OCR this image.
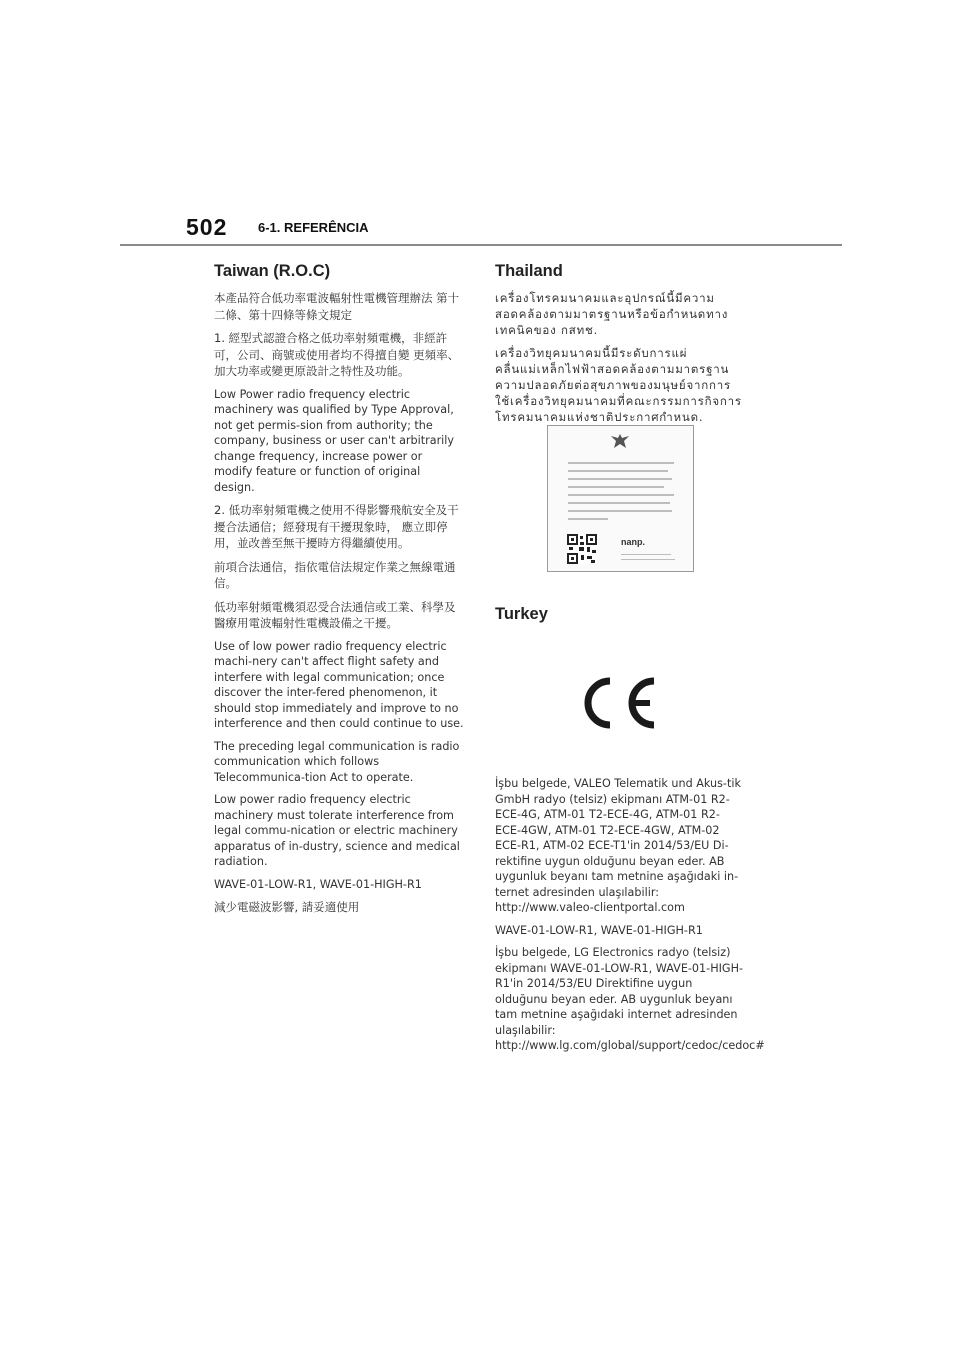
502 6-1. REFERÊNCIA
Taiwan (R.O.C)

本產品符合低功率電波輻射性電機管理辦法 第十二條、第十四條等條文規定

1. 經型式認證合格之低功率射頻電機，非經許可，公司、商號或使用者均不得擅自變 更頻率、加大功率或變更原設計之特性及功能。

Low Power radio frequency electric machinery was qualified by Type Approval, not get permis-sion from authority; the company, business or user can't arbitrarily change frequency, increase power or modify feature or function of original design.

2. 低功率射頻電機之使用不得影響飛航安全及干擾合法通信；經發現有干擾現象時， 應立即停用，並改善至無干擾時方得繼續使用。

前項合法通信，指依電信法規定作業之無線電通信。

低功率射頻電機須忍受合法通信或工業、科學及醫療用電波輻射性電機設備之干擾。

Use of low power radio frequency electric machi-nery can't affect flight safety and interfere with legal communication; once discover the inter-fered phenomenon, it should stop immediately and improve to no interference and then could continue to use.

The preceding legal communication is radio communication which follows Telecommunica-tion Act to operate.

Low power radio frequency electric machinery must tolerate interference from legal commu-nication or electric machinery apparatus of in-dustry, science and medical radiation.

WAVE-01-LOW-R1, WAVE-01-HIGH-R1

減少電磁波影響, 請妥適使用

Thailand

เครื่องโทรคมนาคมและอุปกรณ์นี้มีความสอดคล้องตามมาตรฐานหรือข้อกำหนดทางเทคนิคของ กสทช.

เครื่องวิทยุคมนาคมนี้มีระดับการแผ่คลื่นแม่เหล็กไฟฟ้าสอดคล้องตามมาตรฐานความปลอดภัยต่อสุขภาพของมนุษย์จากการใช้เครื่องวิทยุคมนาคมที่คณะกรรมการกิจการโทรคมนาคมแห่งชาติประกาศกำหนด.

nanp.
Turkey

İşbu belgede, VALEO Telematik und Akus-tik GmbH radyo (telsiz) ekipmanı ATM-01 R2-ECE-4G, ATM-01 T2-ECE-4G, ATM-01 R2-ECE-4GW, ATM-01 T2-ECE-4GW, ATM-02 ECE-R1, ATM-02 ECE-T1'in 2014/53/EU Di-rektifine uygun olduğunu beyan eder. AB uygunluk beyanı tam metnine aşağıdaki in-ternet adresinden ulaşılabilir: http://www.valeo-clientportal.com

WAVE-01-LOW-R1, WAVE-01-HIGH-R1

İşbu belgede, LG Electronics radyo (telsiz) ekipmanı WAVE-01-LOW-R1, WAVE-01-HIGH-R1'in 2014/53/EU Direktifine uygun olduğunu beyan eder. AB uygunluk beyanı tam metnine aşağıdaki internet adresinden ulaşılabilir: http://www.lg.com/global/support/cedoc/cedoc#
